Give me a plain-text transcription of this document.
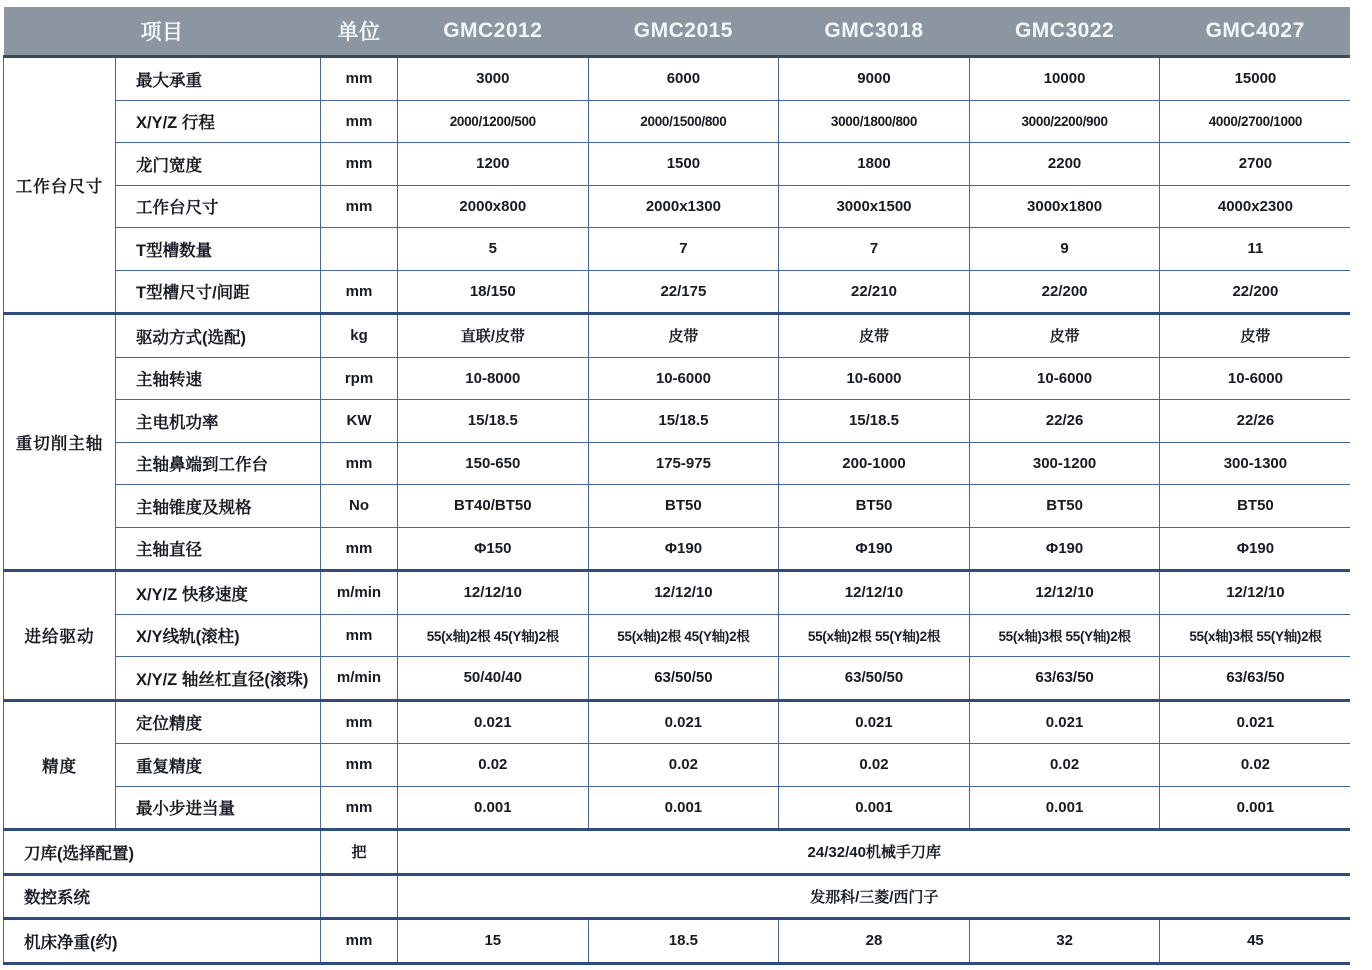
项目		单位	GMC2012	GMC2015	GMC3018	GMC3022	GMC4027
工作台尺寸	最大承重	mm	3000	6000	9000	10000	15000
	X/Y/Z 行程	mm	2000/1200/500	2000/1500/800	3000/1800/800	3000/2200/900	4000/2700/1000
	龙门宽度	mm	1200	1500	1800	2200	2700
	工作台尺寸	mm	2000x800	2000x1300	3000x1500	3000x1800	4000x2300
	T型槽数量		5	7	7	9	11
	T型槽尺寸/间距	mm	18/150	22/175	22/210	22/200	22/200
重切削主轴	驱动方式(选配)	kg	直联/皮带	皮带	皮带	皮带	皮带
	主轴转速	rpm	10-8000	10-6000	10-6000	10-6000	10-6000
	主电机功率	KW	15/18.5	15/18.5	15/18.5	22/26	22/26
	主轴鼻端到工作台	mm	150-650	175-975	200-1000	300-1200	300-1300
	主轴锥度及规格	No	BT40/BT50	BT50	BT50	BT50	BT50
	主轴直径	mm	Φ150	Φ190	Φ190	Φ190	Φ190
进给驱动	X/Y/Z 快移速度	m/min	12/12/10	12/12/10	12/12/10	12/12/10	12/12/10
	X/Y线轨(滚柱)	mm	55(x轴)2根 45(Y轴)2根	55(x轴)2根 45(Y轴)2根	55(x轴)2根 55(Y轴)2根	55(x轴)3根 55(Y轴)2根	55(x轴)3根 55(Y轴)2根
	X/Y/Z 轴丝杠直径(滚珠)	m/min	50/40/40	63/50/50	63/50/50	63/63/50	63/63/50
精度	定位精度	mm	0.021	0.021	0.021	0.021	0.021
	重复精度	mm	0.02	0.02	0.02	0.02	0.02
	最小步进当量	mm	0.001	0.001	0.001	0.001	0.001
刀库(选择配置)		把	24/32/40机械手刀库				
数控系统			发那科/三菱/西门子				
机床净重(约)		mm	15	18.5	28	32	45
